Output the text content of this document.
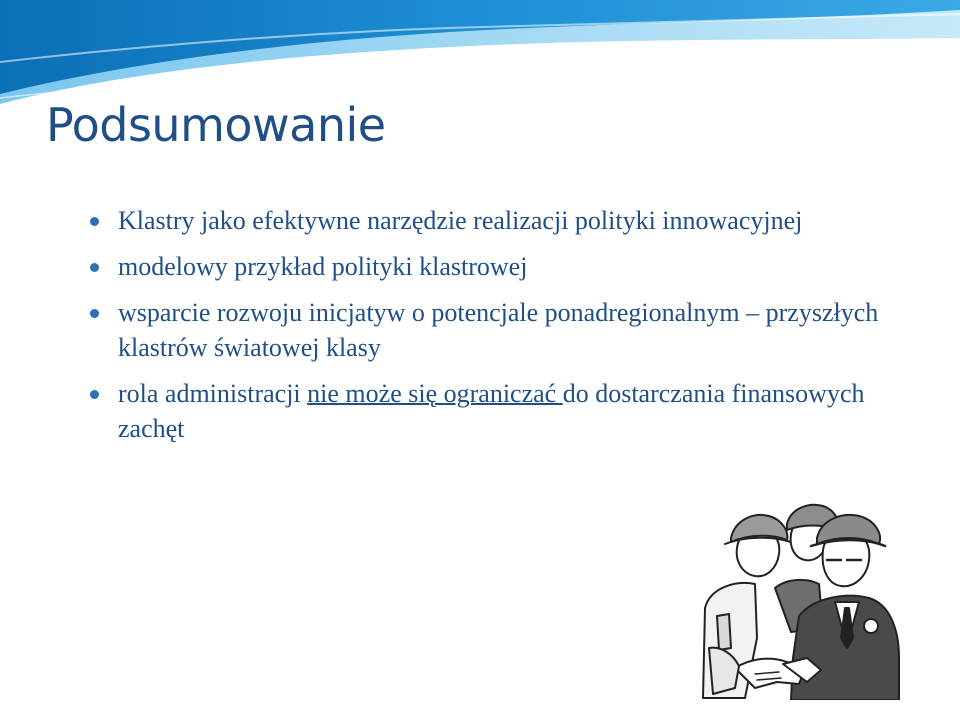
Podsumowanie
Klastry jako efektywne narzędzie realizacji polityki innowacyjnej
modelowy przykład polityki klastrowej
wsparcie rozwoju inicjatyw o potencjale ponadregionalnym – przyszłych klastrów światowej klasy
rola administracji nie może się ograniczać do dostarczania finansowych zachęt
